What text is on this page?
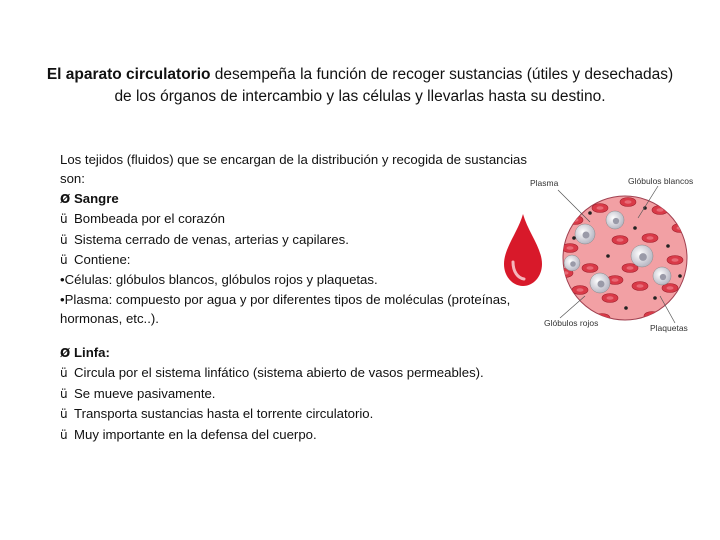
El aparato circulatorio desempeña la función de recoger sustancias (útiles y desechadas) de los órganos de intercambio y las células y llevarlas hasta su destino.

Los tejidos (fluidos) que se encargan de la distribución y recogida de sustancias son:

Ø Sangre

ü Bombeada por el corazón

ü Sistema cerrado de venas, arterias y capilares.

ü Contiene:

•Células: glóbulos blancos, glóbulos rojos y plaquetas.

•Plasma: compuesto por agua y por diferentes tipos de moléculas (proteínas, hormonas, etc..).

Ø Linfa:

ü Circula por el sistema linfático (sistema abierto de vasos permeables).

ü Se mueve pasivamente.

ü Transporta sustancias hasta el torrente circulatorio.

ü Muy importante en la defensa del cuerpo.

Plasma	Glóbulos blancos
Glóbulos rojos	Plaquetas
